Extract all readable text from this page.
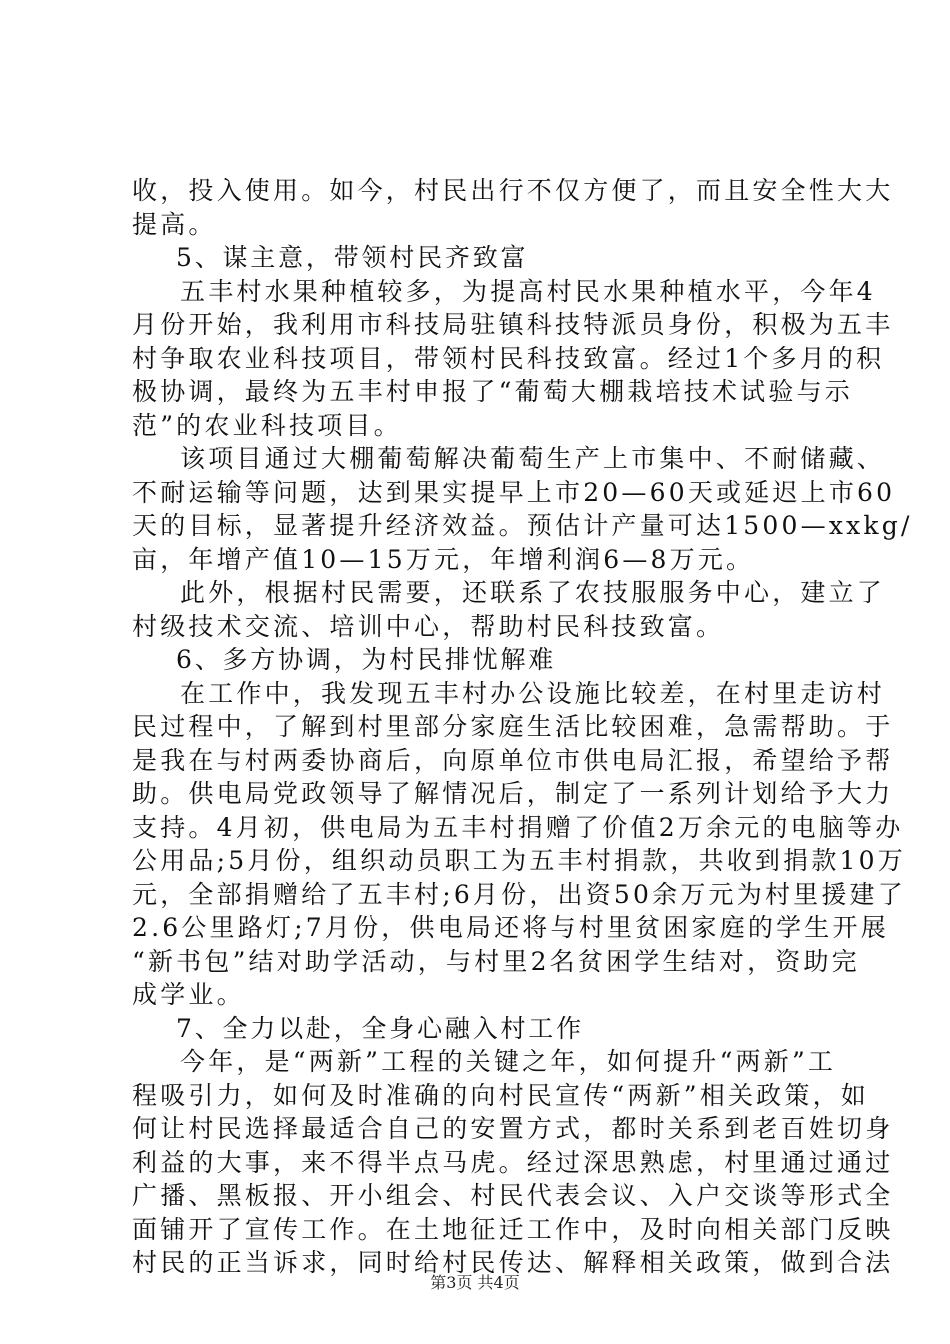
收，投入使用。如今，村民出行不仅方便了，而且安全性大大
提高。
5、谋主意，带领村民齐致富
五丰村水果种植较多，为提高村民水果种植水平，今年4
月份开始，我利用市科技局驻镇科技特派员身份，积极为五丰
村争取农业科技项目，带领村民科技致富。经过1个多月的积
极协调，最终为五丰村申报了“葡萄大棚栽培技术试验与示
范”的农业科技项目。
该项目通过大棚葡萄解决葡萄生产上市集中、不耐储藏、
不耐运输等问题，达到果实提早上市20—60天或延迟上市60
天的目标，显著提升经济效益。预估计产量可达1500—xxkg/
亩，年增产值10—15万元，年增利润6—8万元。
此外，根据村民需要，还联系了农技服服务中心，建立了
村级技术交流、培训中心，帮助村民科技致富。
6、多方协调，为村民排忧解难
在工作中，我发现五丰村办公设施比较差，在村里走访村
民过程中，了解到村里部分家庭生活比较困难，急需帮助。于
是我在与村两委协商后，向原单位市供电局汇报，希望给予帮
助。供电局党政领导了解情况后，制定了一系列计划给予大力
支持。4月初，供电局为五丰村捐赠了价值2万余元的电脑等办
公用品;5月份，组织动员职工为五丰村捐款，共收到捐款10万
元，全部捐赠给了五丰村;6月份，出资50余万元为村里援建了
2.6公里路灯;7月份，供电局还将与村里贫困家庭的学生开展
“新书包”结对助学活动，与村里2名贫困学生结对，资助完
成学业。
7、全力以赴，全身心融入村工作
今年，是“两新”工程的关键之年，如何提升“两新”工
程吸引力，如何及时准确的向村民宣传“两新”相关政策，如
何让村民选择最适合自己的安置方式，都时关系到老百姓切身
利益的大事，来不得半点马虎。经过深思熟虑，村里通过通过
广播、黑板报、开小组会、村民代表会议、入户交谈等形式全
面铺开了宣传工作。在土地征迁工作中，及时向相关部门反映
村民的正当诉求，同时给村民传达、解释相关政策，做到合法
第3页 共4页
